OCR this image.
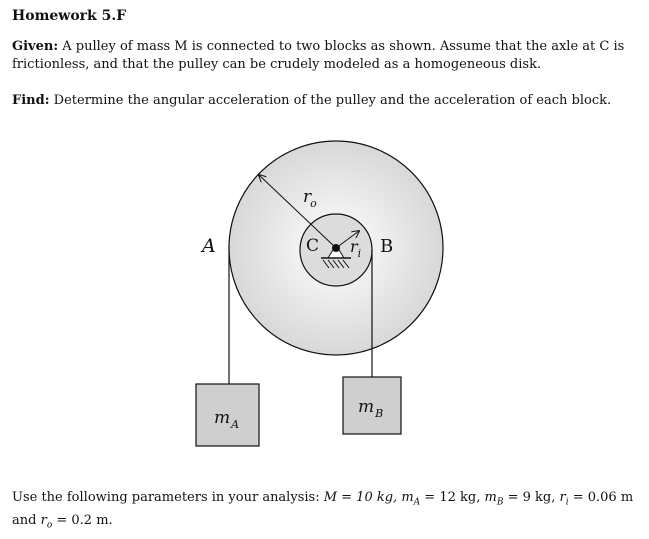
Homework 5.F
Given: A pulley of mass M is connected to two blocks as shown. Assume that the axle at C is frictionless, and that the pulley can be crudely modeled as a homogeneous disk.
Find: Determine the angular acceleration of the pulley and the acceleration of each block.
ro
C $r_i$
A	B
$m_A$
$m_B$
Use the following parameters in your analysis: M = 10 kg, $m_A = 12$ kg, $m_B = 9$ kg, $r_i = 0.06$ m and $r_o = 0.2$ m.
